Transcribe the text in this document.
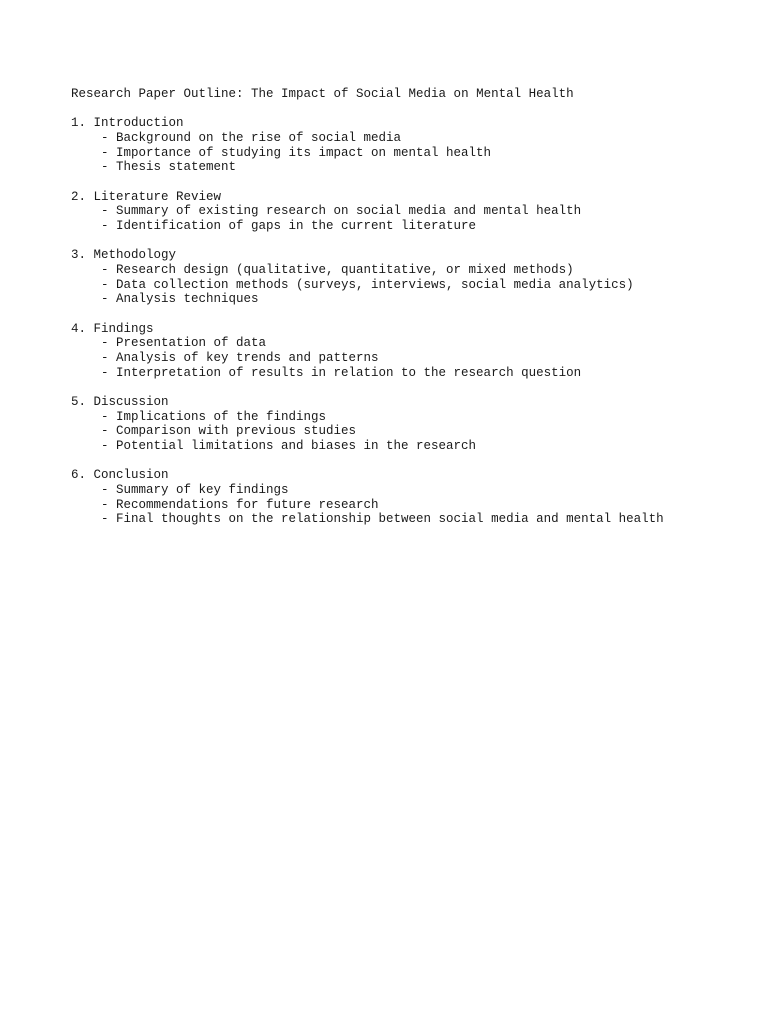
Research Paper Outline: The Impact of Social Media on Mental Health
1. Introduction
- Background on the rise of social media
- Importance of studying its impact on mental health
- Thesis statement
2. Literature Review
- Summary of existing research on social media and mental health
- Identification of gaps in the current literature
3. Methodology
- Research design (qualitative, quantitative, or mixed methods)
- Data collection methods (surveys, interviews, social media analytics)
- Analysis techniques
4. Findings
- Presentation of data
- Analysis of key trends and patterns
- Interpretation of results in relation to the research question
5. Discussion
- Implications of the findings
- Comparison with previous studies
- Potential limitations and biases in the research
6. Conclusion
- Summary of key findings
- Recommendations for future research
- Final thoughts on the relationship between social media and mental health
